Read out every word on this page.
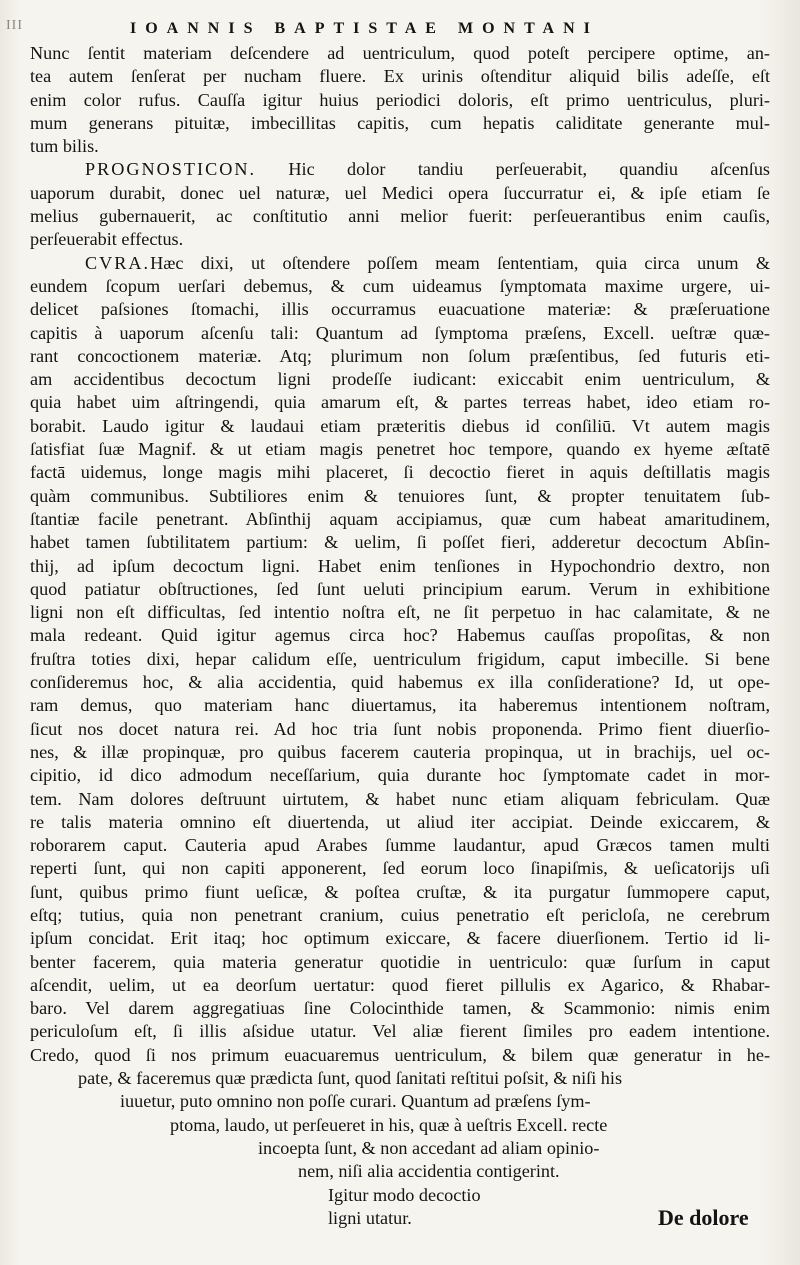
III	IOANNIS BAPTISTAE MONTANI
Nunc ſentit materiam deſcendere ad uentriculum, quod poteſt percipere optime, an-
tea autem ſenſerat per nucham fluere. Ex urinis oſtenditur aliquid bilis adeſſe, eſt
enim color rufus. Cauſſa igitur huius periodici doloris, eſt primo uentriculus, pluri-
mum generans pituitæ, imbecillitas capitis, cum hepatis caliditate generante mul-
tum bilis.
PROGNOSTICON. Hic dolor tandiu perſeuerabit, quandiu aſcenſus
uaporum durabit, donec uel naturæ, uel Medici opera ſuccurratur ei, & ipſe etiam ſe
melius gubernauerit, ac conſtitutio anni melior fuerit: perſeuerantibus enim cauſis,
perſeuerabit effectus.
CVRA.Hæc dixi, ut oſtendere poſſem meam ſententiam, quia circa unum &
eundem ſcopum uerſari debemus, & cum uideamus ſymptomata maxime urgere, ui-
delicet paſsiones ſtomachi, illis occurramus euacuatione materiæ: & præſeruatione
capitis à uaporum aſcenſu tali: Quantum ad ſymptoma præſens, Excell. ueſtræ quæ-
rant concoctionem materiæ. Atq; plurimum non ſolum præſentibus, ſed futuris eti-
am accidentibus decoctum ligni prodeſſe iudicant: exiccabit enim uentriculum, &
quia habet uim aſtringendi, quia amarum eſt, & partes terreas habet, ideo etiam ro-
borabit. Laudo igitur & laudaui etiam præteritis diebus id conſiliū. Vt autem magis
ſatisfiat ſuæ Magnif. & ut etiam magis penetret hoc tempore, quando ex hyeme æſtatē
factā uidemus, longe magis mihi placeret, ſi decoctio fieret in aquis deſtillatis magis
quàm communibus. Subtiliores enim & tenuiores ſunt, & propter tenuitatem ſub-
ſtantiæ facile penetrant. Abſinthij aquam accipiamus, quæ cum habeat amaritudinem,
habet tamen ſubtilitatem partium: & uelim, ſi poſſet fieri, adderetur decoctum Abſin-
thij, ad ipſum decoctum ligni. Habet enim tenſiones in Hypochondrio dextro, non
quod patiatur obſtructiones, ſed ſunt ueluti principium earum. Verum in exhibitione
ligni non eſt difficultas, ſed intentio noſtra eſt, ne ſit perpetuo in hac calamitate, & ne
mala redeant. Quid igitur agemus circa hoc? Habemus cauſſas propoſitas, & non
fruſtra toties dixi, hepar calidum eſſe, uentriculum frigidum, caput imbecille. Si bene
conſideremus hoc, & alia accidentia, quid habemus ex illa conſideratione? Id, ut ope-
ram demus, quo materiam hanc diuertamus, ita haberemus intentionem noſtram,
ſicut nos docet natura rei. Ad hoc tria ſunt nobis proponenda. Primo fient diuerſio-
nes, & illæ propinquæ, pro quibus facerem cauteria propinqua, ut in brachijs, uel oc-
cipitio, id dico admodum neceſſarium, quia durante hoc ſymptomate cadet in mor-
tem. Nam dolores deſtruunt uirtutem, & habet nunc etiam aliquam febriculam. Quæ
re talis materia omnino eſt diuertenda, ut aliud iter accipiat. Deinde exiccarem, &
roborarem caput. Cauteria apud Arabes ſumme laudantur, apud Græcos tamen multi
reperti ſunt, qui non capiti apponerent, ſed eorum loco ſinapiſmis, & ueſicatorijs uſi
ſunt, quibus primo fiunt ueſicæ, & poſtea cruſtæ, & ita purgatur ſummopere caput,
eſtq; tutius, quia non penetrant cranium, cuius penetratio eſt pericloſa, ne cerebrum
ipſum concidat. Erit itaq; hoc optimum exiccare, & facere diuerſionem. Tertio id li-
benter facerem, quia materia generatur quotidie in uentriculo: quæ ſurſum in caput
aſcendit, uelim, ut ea deorſum uertatur: quod fieret pillulis ex Agarico, & Rhabar-
baro. Vel darem aggregatiuas ſine Colocinthide tamen, & Scammonio: nimis enim
periculoſum eſt, ſi illis aſsidue utatur. Vel aliæ fierent ſimiles pro eadem intentione.
Credo, quod ſi nos primum euacuaremus uentriculum, & bilem quæ generatur in he-
pate, & faceremus quæ prædicta ſunt, quod ſanitati reſtitui poſsit, & niſi his
iuuetur, puto omnino non poſſe curari. Quantum ad præſens ſym-
ptoma, laudo, ut perſeueret in his, quæ à ueſtris Excell. recte
incoepta ſunt, & non accedant ad aliam opinio-
nem, niſi alia accidentia contigerint.
Igitur modo decoctio
ligni utatur.	De dolore
